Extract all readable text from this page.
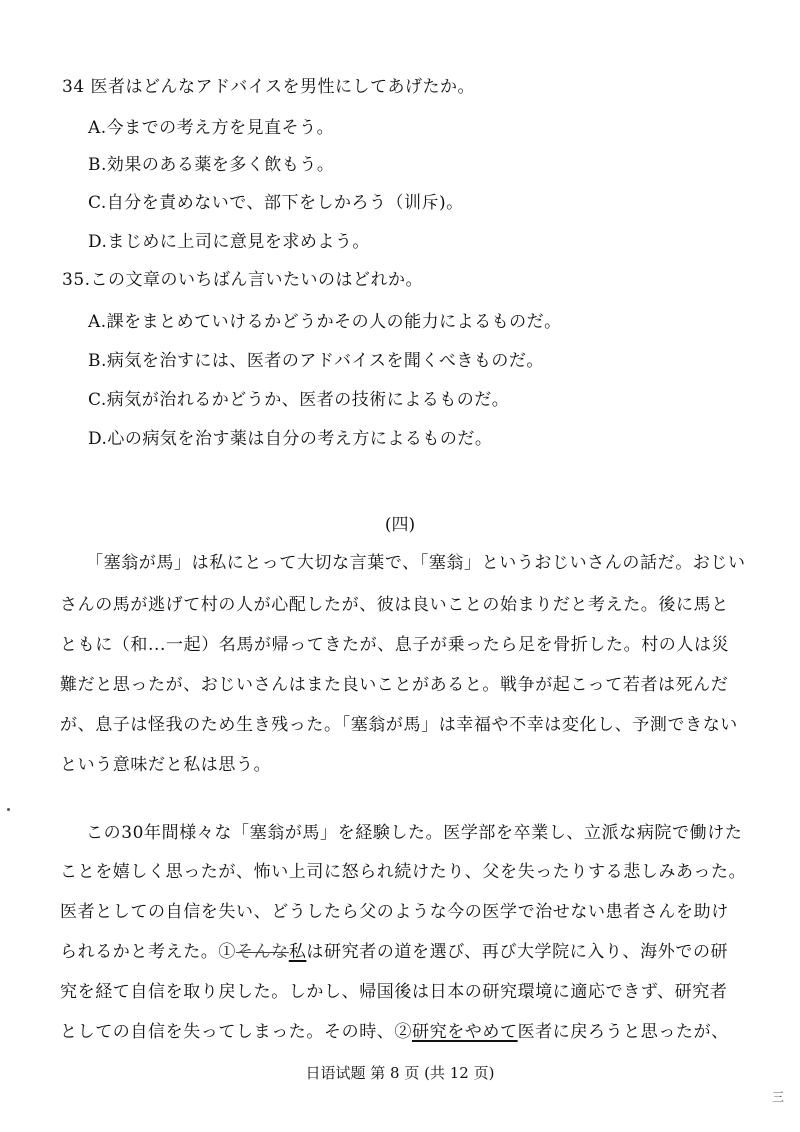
34 医者はどんなアドバイスを男性にしてあげたか。
A.今までの考え方を見直そう。
B.効果のある薬を多く飲もう。
C.自分を責めないで、部下をしかろう（训斥)。
D.まじめに上司に意見を求めよう。
35.この文章のいちばん言いたいのはどれか。
A.課をまとめていけるかどうかその人の能力によるものだ。
B.病気を治すには、医者のアドバイスを聞くべきものだ。
C.病気が治れるかどうか、医者の技術によるものだ。
D.心の病気を治す薬は自分の考え方によるものだ。
(四)
「塞翁が馬」は私にとって大切な言葉で、「塞翁」というおじいさんの話だ。おじい
さんの馬が逃げて村の人が心配したが、彼は良いことの始まりだと考えた。後に馬と
ともに（和...一起）名馬が帰ってきたが、息子が乗ったら足を骨折した。村の人は災
難だと思ったが、おじいさんはまた良いことがあると。戦争が起こって若者は死んだ
が、息子は怪我のため生き残った。「塞翁が馬」は幸福や不幸は変化し、予測できない
という意味だと私は思う。
この30年間様々な「塞翁が馬」を経験した。医学部を卒業し、立派な病院で働けた
ことを嬉しく思ったが、怖い上司に怒られ続けたり、父を失ったりする悲しみあった。
医者としての自信を失い、どうしたら父のような今の医学で治せない患者さんを助け
られるかと考えた。①そんな私は研究者の道を選び、再び大学院に入り、海外での研
究を経て自信を取り戻した。しかし、帰国後は日本の研究環境に適応できず、研究者
としての自信を失ってしまった。その時、②研究をやめて医者に戻ろうと思ったが、
日语试题 第 8 页 (共 12 页)
三
